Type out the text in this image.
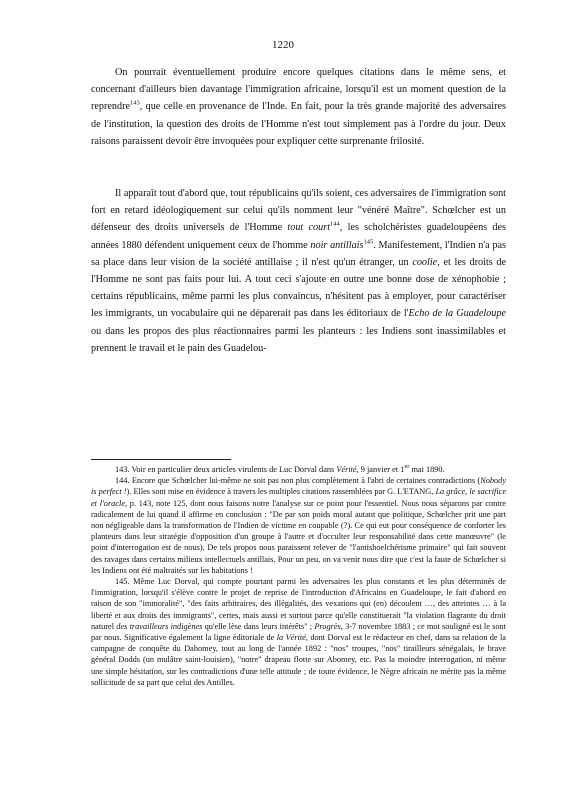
1220

On pourrait éventuellement produire encore quelques citations dans le même sens, et concernant d'ailleurs bien davantage l'immigration africaine, lorsqu'il est un moment question de la reprendre$^{143}$, que celle en provenance de l'Inde. En fait, pour la très grande majorité des adversaires de l'institution, la question des droits de l'Homme n'est tout simplement pas à l'ordre du jour. Deux raisons paraissent devoir être invoquées pour expliquer cette surprenante frilosité.

Il apparaît tout d'abord que, tout républicains qu'ils soient, ces adversaires de l'immigration sont fort en retard idéologiquement sur celui qu'ils nomment leur "vénéré Maître". Schœlcher est un défenseur des droits universels de l'Homme tout court$^{144}$, les scholchéristes guadeloupéens des années 1880 défendent uniquement ceux de l'homme noir antillais$^{145}$. Manifestement, l'Indien n'a pas sa place dans leur vision de la société antillaise ; il n'est qu'un étranger, un coolie, et les droits de l'Homme ne sont pas faits pour lui. A tout ceci s'ajoute en outre une bonne dose de xénophobie ; certains républicains, même parmi les plus convaincus, n'hésitent pas à employer, pour caractériser les immigrants, un vocabulaire qui ne déparerait pas dans les éditoriaux de l'Echo de la Guadeloupe ou dans les propos des plus réactionnaires parmi les planteurs : les Indiens sont inassimilables et prennent le travail et le pain des Guadelou-

143. Voir en particulier deux articles virulents de Luc Dorval dans Vérité, 9 janvier et 1er mai 1890.

144. Encore que Schœlcher lui-même ne soit pas non plus complètement à l'abri de certaines contradictions (Nobody is perfect !). Elles sont mise en évidence à travers les multiples citations rassemblées par G. L'ETANG, La grâce, le sacrifice et l'oracle, p. 143, note 125, dont nous faisons notre l'analyse sur ce point pour l'essentiel. Nous nous séparons par contre radicalement de lui quand il affirme en conclusion : "De par son poids moral autant que politique, Schœlcher prit une part non négligeable dans la transformation de l'Indien de victime en coupable (?). Ce qui eut pour conséquence de conforter les planteurs dans leur stratégie d'opposition d'un groupe à l'autre et d'occulter leur responsabilité dans cette manœuvre" (le point d'interrogation est de nous). De tels propos nous paraissent relever de "l'antishoelchérisme primaire" qui fait souvent des ravages dans certains milieux intellectuels antillais. Pour un peu, on va venir nous dire que c'est la faute de Schœlcher si les Indiens ont été maltraités sur les habitations !

145. Même Luc Dorval, qui compte pourtant parmi les adversaires les plus constants et les plus déterminés de l'immigration, lorsqu'il s'élève contre le projet de reprise de l'introduction d'Africains en Guadeloupe, le fait d'abord en raison de son "immoralité", "des faits arbitraires, des illégalités, des vexations qui (en) découlent …, des atteintes … à la liberté et aux droits des immigrants", certes, mais aussi et surtout parce qu'elle constituerait "la violation flagrante du droit naturel des travailleurs indigènes qu'elle lèse dans leurs intérêts" ; Progrès, 3-7 novembre 1883 ; ce mot souligné est le sont par nous. Significative également la ligne éditoriale de la Vérité, dont Dorval est le rédacteur en chef, dans sa relation de la campagne de conquête du Dahomey, tout au long de l'année 1892 : "nos" troupes, "nos" tirailleurs sénégalais, le brave général Dodds (un mulâtre saint-louisien), "notre" drapeau flotte sur Abomey, etc. Pas la moindre interrogation, ni même une simple hésitation, sur les contradictions d'une telle attitude ; de toute évidence, le Nègre africain ne mérite pas la même sollicitude de sa part que celui des Antilles.
